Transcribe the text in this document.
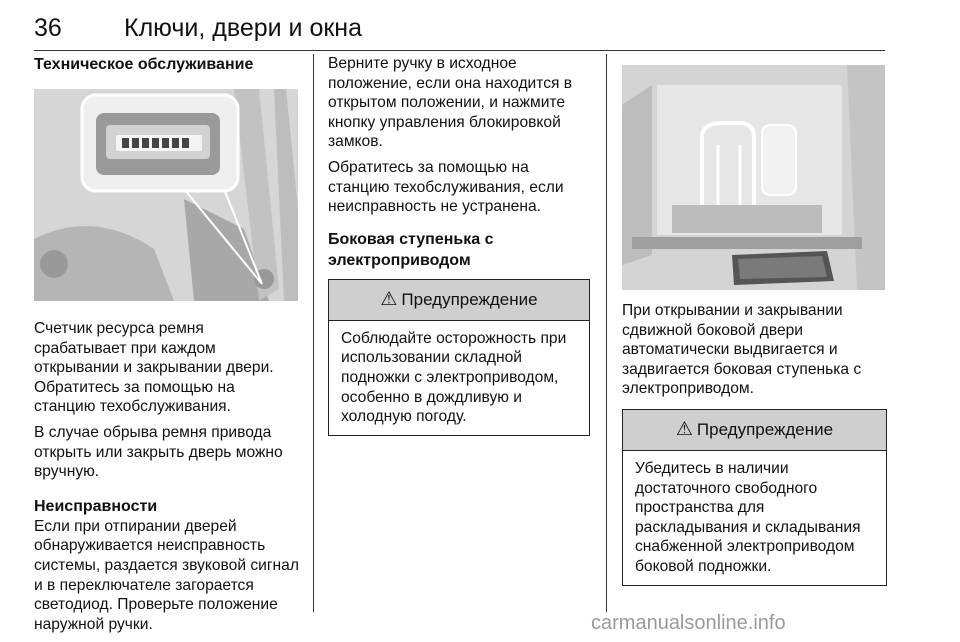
36 Ключи, двери и окна
Техническое обслуживание

Счетчик ресурса ремня срабатывает при каждом открывании и закрывании двери. Обратитесь за помощью на станцию техобслуживания.

В случае обрыва ремня привода открыть или закрыть дверь можно вручную.

Неисправности

Если при отпирании дверей обнаруживается неисправность системы, раздается звуковой сигнал и в переключателе загорается светодиод. Проверьте положение наружной ручки.

Верните ручку в исходное положение, если она находится в открытом положении, и нажмите кнопку управления блокировкой замков.

Обратитесь за помощью на станцию техобслуживания, если неисправность не устранена.

Боковая ступенька с электроприводом
⚠ Предупреждение
Соблюдайте осторожность при использовании складной подножки с электроприводом, особенно в дождливую и холодную погоду.

При открывании и закрывании сдвижной боковой двери автоматически выдвигается и задвигается боковая ступенька с электроприводом.

⚠ Предупреждение
Убедитесь в наличии достаточного свободного пространства для раскладывания и складывания снабженной электроприводом боковой подножки.
carmanualsonline.info
